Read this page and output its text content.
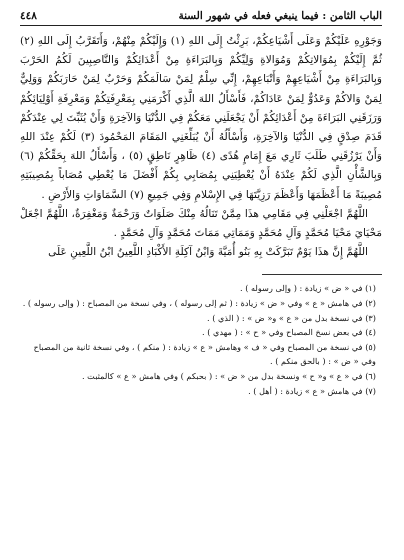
٤٤٨	الباب الثامن : فيما ينبغي فعله في شهور السنة

وَجَوْرِهِ عَلَيْكُمْ وَعَلَى أَشْيَاعِكُمْ، بَرِئْتُ إِلَى اللهِ (١) وَإِلَيْكُمْ مِنْهُمْ، وَأَتَقَرَّبُ إِلَى اللهِ (٢) ثُمَّ إِلَيْكُمْ بِمُوَالاتِكُمْ وَمُوَالاةِ وَلِيِّكُمْ وَبِالبَرَاءَةِ مِنْ أَعْدَائِكُمْ وَالنَّاصِبِينَ لَكُمُ الحَرْبَ وَبِالبَرَاءَةِ مِنْ أَشْيَاعِهِمْ وَأَتْبَاعِهِمْ، إِنِّي سِلْمٌ لِمَنْ سَالَمَكُمْ وَحَرْبٌ لِمَنْ حَارَبَكُمْ وَوَلِيٌّ لِمَنْ وَالاكُمْ وَعَدُوٌّ لِمَنْ عَادَاكُمْ، فَأَسْأَلُ اللهَ الَّذِي أَكْرَمَنِي بِمَعْرِفَتِكُمْ وَمَعْرِفَةِ أَوْلِيَائِكُمْ وَرَزَقَنِي البَرَاءَةَ مِنْ أَعْدَائِكُمْ أَنْ يَجْعَلَنِي مَعَكُمْ فِي الدُّنْيَا وَالآخِرَةِ وَأَنْ يُثَبِّتَ لِي عِنْدَكُمْ قَدَمَ صِدْقٍ فِي الدُّنْيَا وَالآخِرَةِ، وَأَسْأَلُهُ أَنْ يُبَلِّغَنِي المَقَامَ المَحْمُودَ (٣) لَكُمْ عِنْدَ اللهِ وَأَنْ يَرْزُقَنِي طَلَبَ ثَارِي مَعَ إِمَامٍ هُدًى (٤) ظَاهِرٍ نَاطِقٍ (٥) ، وَأَسْأَلُ اللهَ بِحَقِّكُمْ (٦) وَبِالشَّأْنِ الَّذِي لَكُمْ عِنْدَهُ أَنْ يُعْطِيَنِي بِمُصَابِي بِكُمْ أَفْضَلَ مَا يُعْطِي مُصَاباً بِمُصِيبَتِهِ مُصِيبَةً مَا أَعْظَمَهَا وَأَعْظَمَ رَزِيَّتَهَا فِي الإِسْلامِ وَفِي جَمِيعِ (٧) السَّمَاوَاتِ وَالأَرْضِ .

اللَّهُمَّ اجْعَلْنِي فِي مَقَامِي هذَا مِمَّنْ تَنَالُهُ مِنْكَ صَلَوَاتٌ وَرَحْمَةٌ وَمَغْفِرَةٌ، اللَّهُمَّ اجْعَلْ مَحْيَايَ مَحْيَا مُحَمَّدٍ وَآلِ مُحَمَّدٍ وَمَمَاتِي مَمَاتَ مُحَمَّدٍ وَآلِ مُحَمَّدٍ .

اللَّهُمَّ إِنَّ هذَا يَوْمٌ تَبَرَّكَتْ بِهِ بَنُو أُمَيَّةَ وَابْنُ آكِلَةِ الأَكْبَادِ اللَّعِينُ ابْنُ اللَّعِينِ عَلَى

(١) في « ض » زيادة : ( وإلى رسوله ) .
(٢) في هامش « ع » وفي « ض » زيادة : ( ثم إلى رسوله ) ، وفي نسخة من المصباح : ( وإلى رسوله ) .
(٣) في نسخة بدل من « ع » و« ض » : ( الذي ) .
(٤) في بعض نسخ المصباح وفي « ح » : ( مهدي ) .
(٥) في نسخة من المصباح وفي « ف » وهامش « ع » زيادة : ( منكم ) ، وفي نسخة ثانية من المصباح وفي « ض » : ( بالحق منكم ) .
(٦) في « ع » و« ح » ونسخة بدل من « ض » : ( بحبكم ) وفي هامش « ع » كالمثبت .
(٧) في هامش « ع » زيادة : ( أهل ) .
